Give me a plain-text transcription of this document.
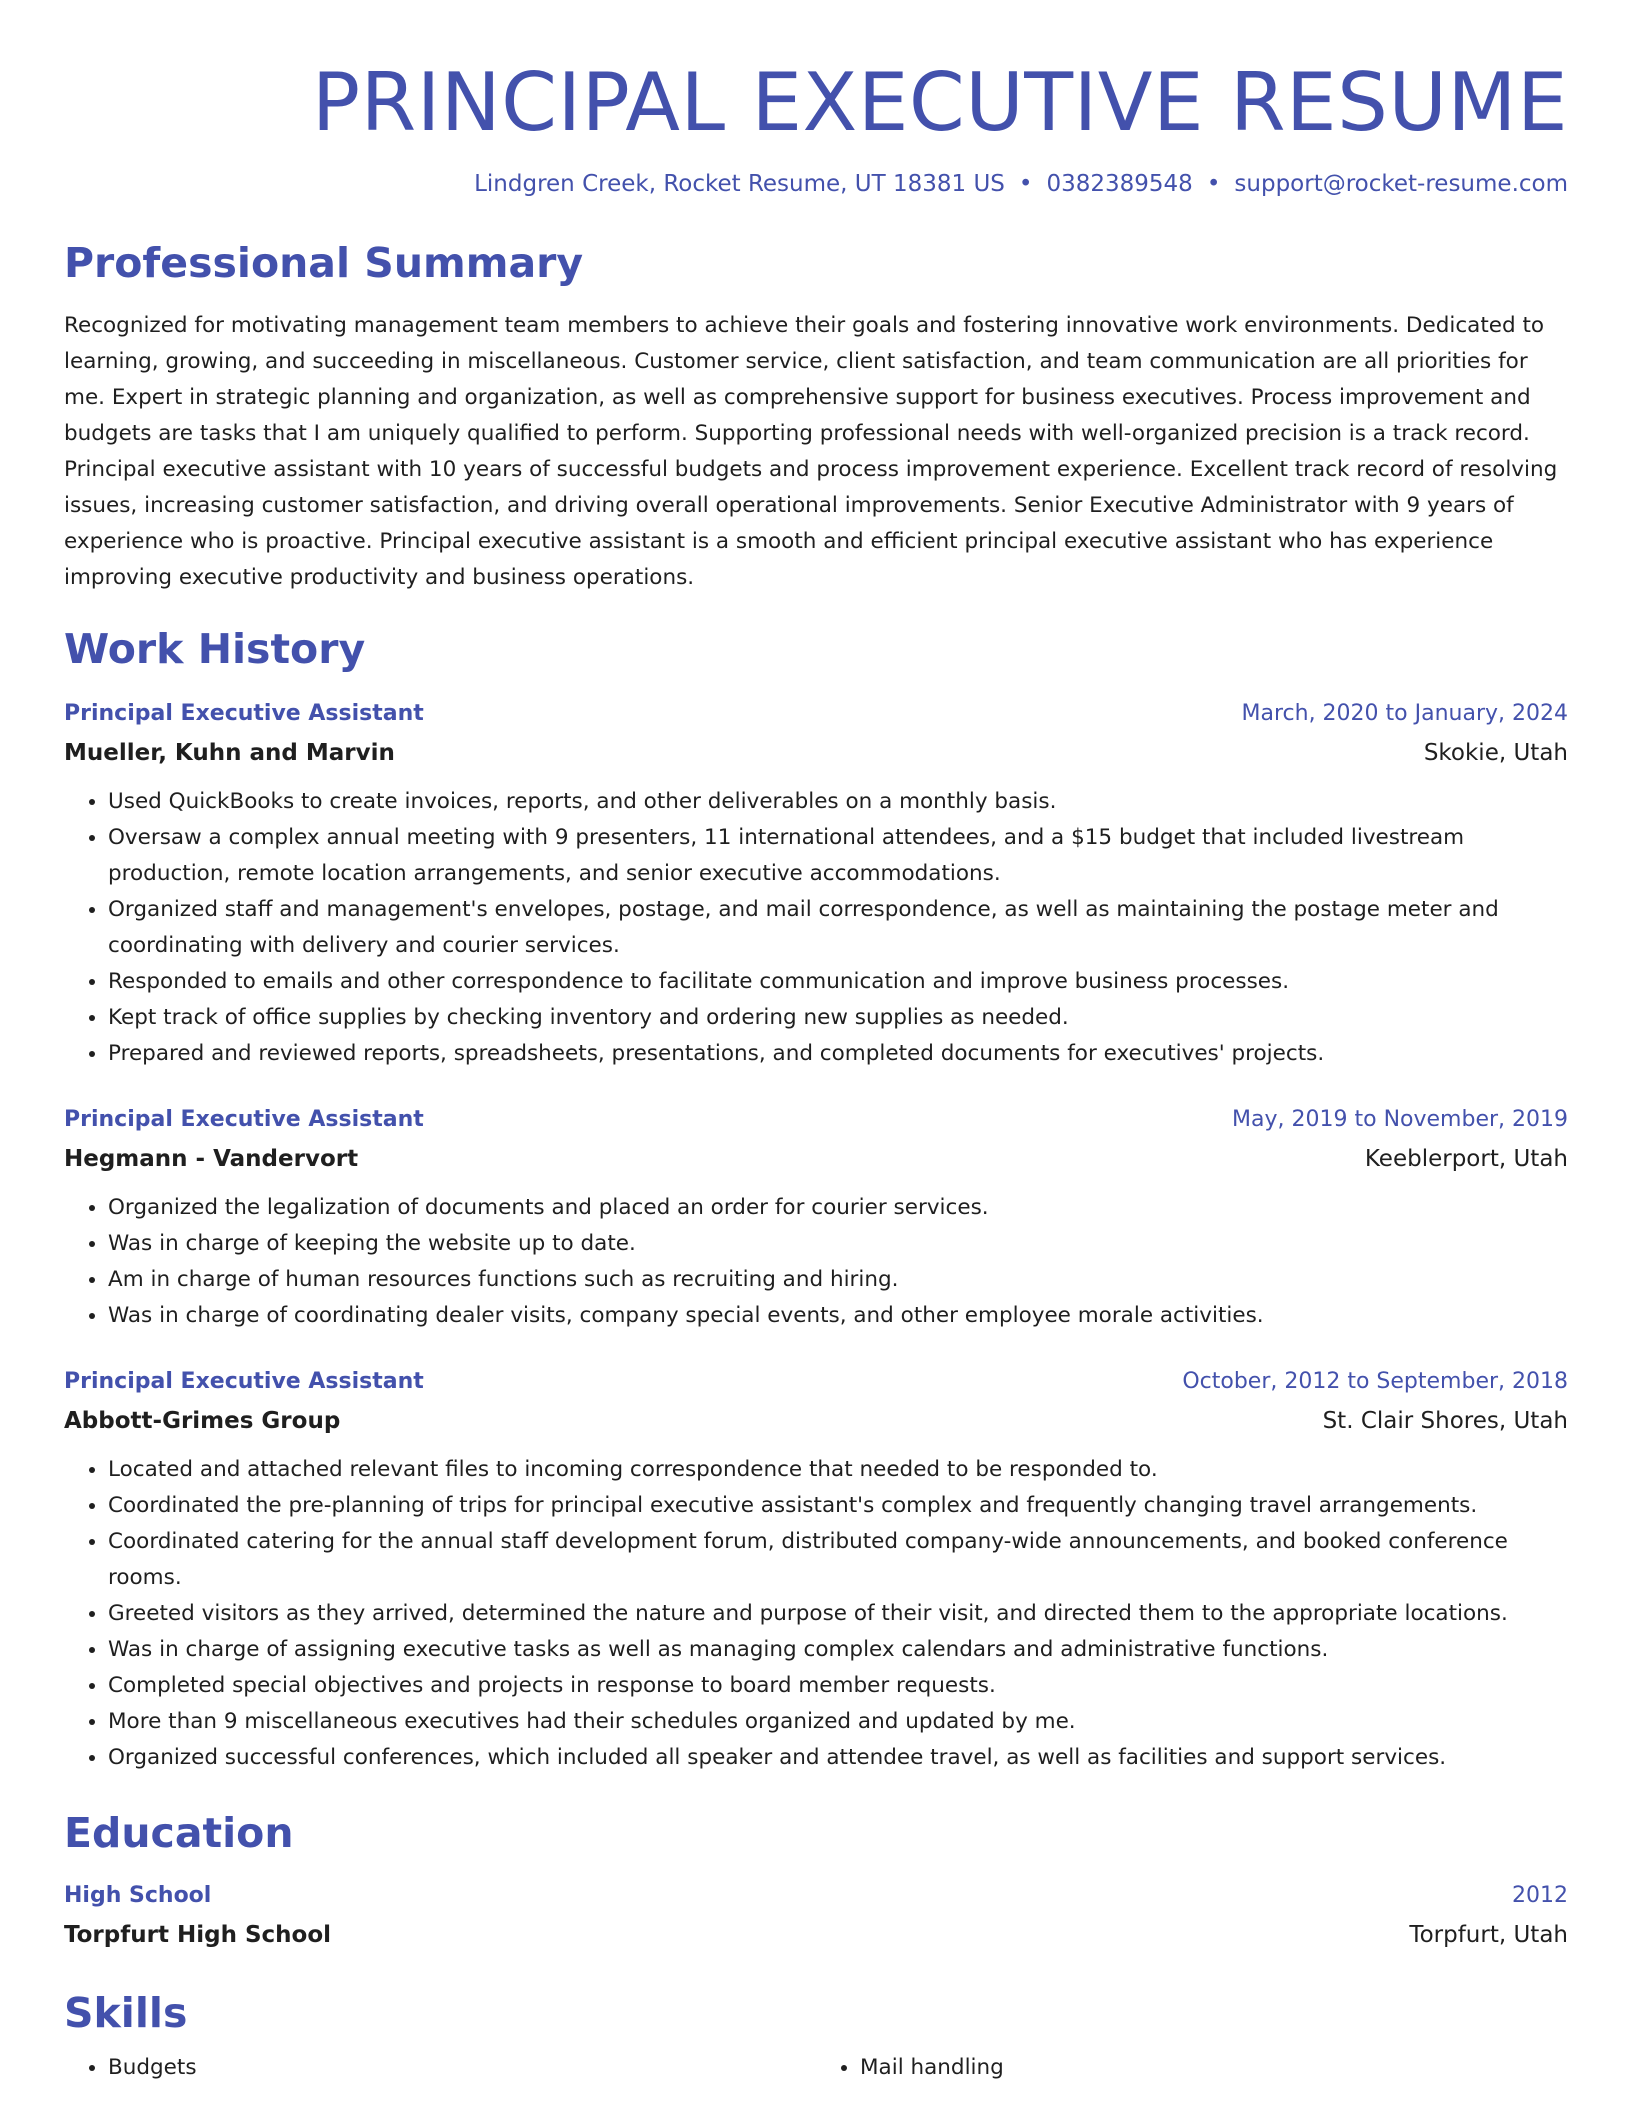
PRINCIPAL EXECUTIVE RESUME
Lindgren Creek, Rocket Resume, UT 18381 US • 0382389548 • support@rocket-resume.com
Professional Summary
Recognized for motivating management team members to achieve their goals and fostering innovative work environments. Dedicated to learning, growing, and succeeding in miscellaneous. Customer service, client satisfaction, and team communication are all priorities for me. Expert in strategic planning and organization, as well as comprehensive support for business executives. Process improvement and budgets are tasks that I am uniquely qualified to perform. Supporting professional needs with well-organized precision is a track record. Principal executive assistant with 10 years of successful budgets and process improvement experience. Excellent track record of resolving issues, increasing customer satisfaction, and driving overall operational improvements. Senior Executive Administrator with 9 years of experience who is proactive. Principal executive assistant is a smooth and efficient principal executive assistant who has experience improving executive productivity and business operations.
Work History
Principal Executive Assistant	March, 2020 to January, 2024
Mueller, Kuhn and Marvin	Skokie, Utah
• Used QuickBooks to create invoices, reports, and other deliverables on a monthly basis.
• Oversaw a complex annual meeting with 9 presenters, 11 international attendees, and a $15 budget that included livestream production, remote location arrangements, and senior executive accommodations.
• Organized staff and management's envelopes, postage, and mail correspondence, as well as maintaining the postage meter and coordinating with delivery and courier services.
• Responded to emails and other correspondence to facilitate communication and improve business processes.
• Kept track of office supplies by checking inventory and ordering new supplies as needed.
• Prepared and reviewed reports, spreadsheets, presentations, and completed documents for executives' projects.
Principal Executive Assistant	May, 2019 to November, 2019
Hegmann - Vandervort	Keeblerport, Utah
• Organized the legalization of documents and placed an order for courier services.
• Was in charge of keeping the website up to date.
• Am in charge of human resources functions such as recruiting and hiring.
• Was in charge of coordinating dealer visits, company special events, and other employee morale activities.
Principal Executive Assistant	October, 2012 to September, 2018
Abbott-Grimes Group	St. Clair Shores, Utah
• Located and attached relevant files to incoming correspondence that needed to be responded to.
• Coordinated the pre-planning of trips for principal executive assistant's complex and frequently changing travel arrangements.
• Coordinated catering for the annual staff development forum, distributed company-wide announcements, and booked conference rooms.
• Greeted visitors as they arrived, determined the nature and purpose of their visit, and directed them to the appropriate locations.
• Was in charge of assigning executive tasks as well as managing complex calendars and administrative functions.
• Completed special objectives and projects in response to board member requests.
• More than 9 miscellaneous executives had their schedules organized and updated by me.
• Organized successful conferences, which included all speaker and attendee travel, as well as facilities and support services.
Education
High School	2012
Torpfurt High School	Torpfurt, Utah
Skills
• Budgets
•	Mail handling
